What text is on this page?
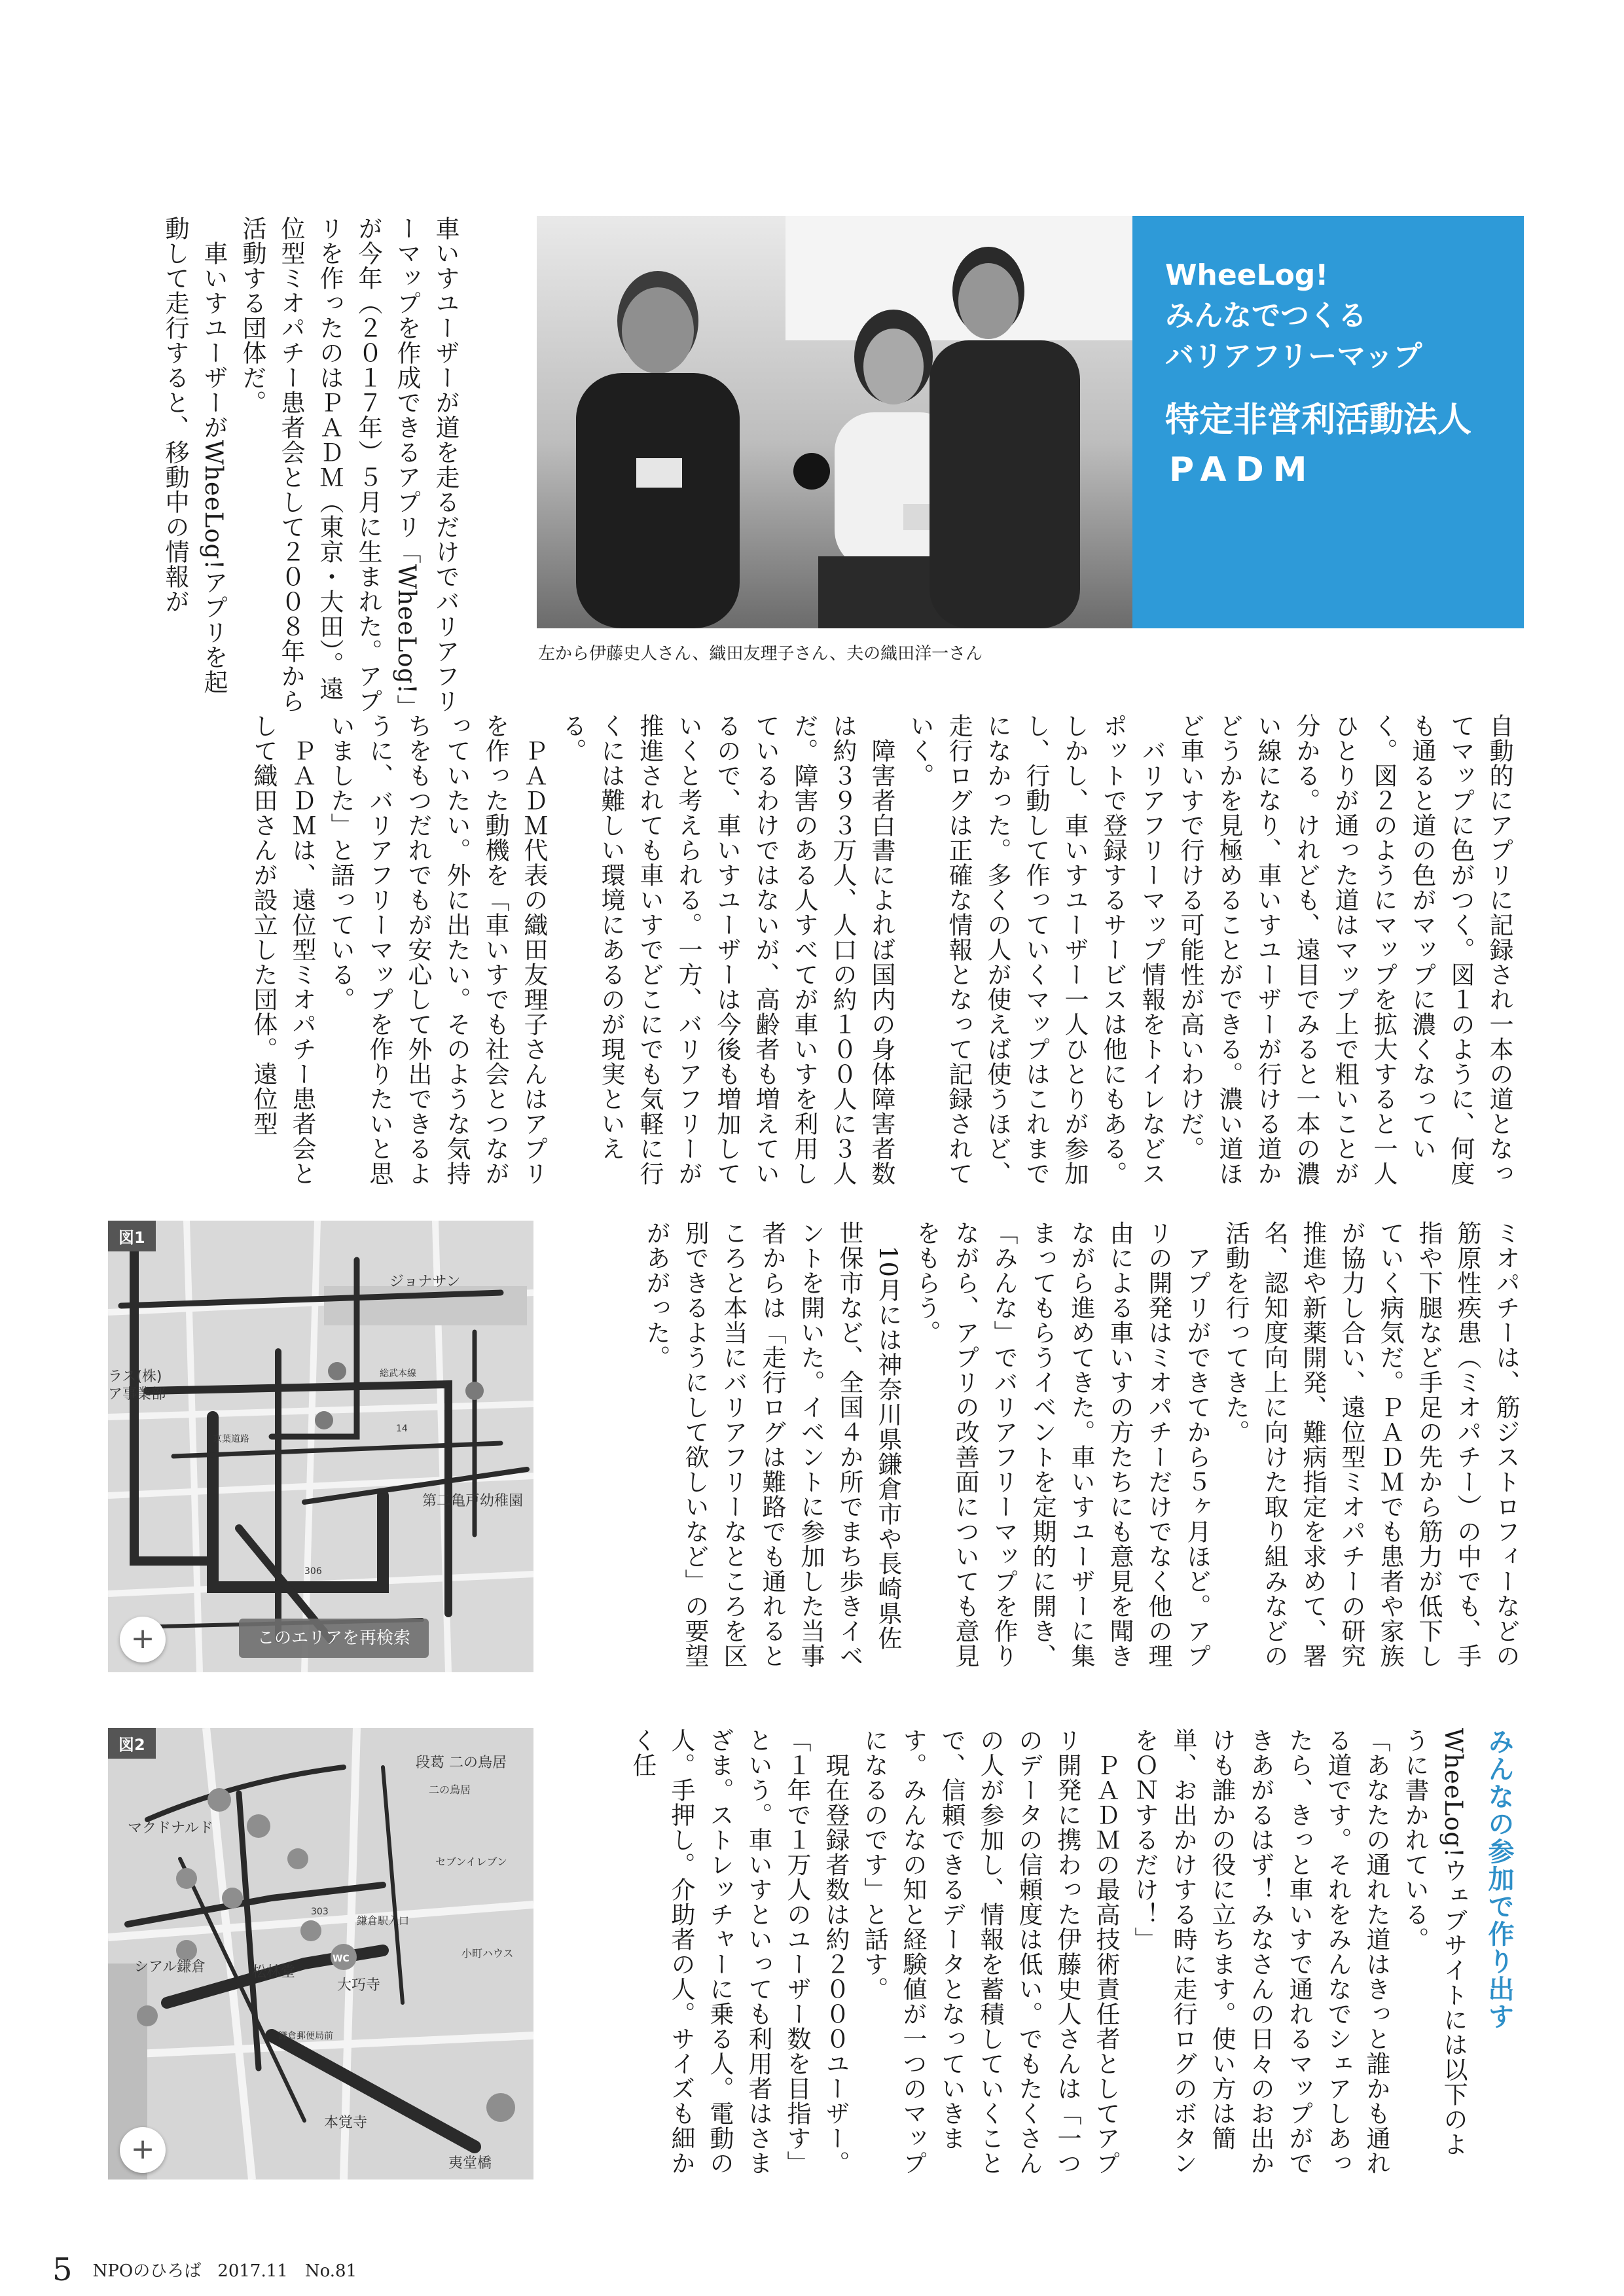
車いすユーザーが道を走るだけでバリアフリーマップを作成できるアプリ「WheeLog!」が今年（２０１７年）５月に生まれた。アプリを作ったのはＰＡＤＭ（東京・大田）。遠位型ミオパチー患者会として２００８年から活動する団体だ。
　車いすユーザーがWheeLog!アプリを起動して走行すると、移動中の情報が
左から伊藤史人さん、織田友理子さん、夫の織田洋一さん
WheeLog!
みんなでつくる
バリアフリーマップ
特定非営利活動法人
PADM
自動的にアプリに記録され一本の道となってマップに色がつく。図１のように、何度も通ると道の色がマップに濃くなっていく。図２のようにマップを拡大すると一人ひとりが通った道はマップ上で粗いことが分かる。けれども、遠目でみると一本の濃い線になり、車いすユーザーが行ける道かどうかを見極めることができる。濃い道ほど車いすで行ける可能性が高いわけだ。
　バリアフリーマップ情報をトイレなどスポットで登録するサービスは他にもある。しかし、車いすユーザー一人ひとりが参加し、行動して作っていくマップはこれまでになかった。多くの人が使えば使うほど、走行ログは正確な情報となって記録されていく。
　障害者白書によれば国内の身体障害者数は約３９３万人、人口の約１００人に３人だ。障害のある人すべてが車いすを利用しているわけではないが、高齢者も増えているので、車いすユーザーは今後も増加していくと考えられる。一方、バリアフリーが推進されても車いすでどこにでも気軽に行くには難しい環境にあるのが現実といえる。
　ＰＡＤＭ代表の織田友理子さんはアプリを作った動機を「車いすでも社会とつながっていたい。外に出たい。そのような気持ちをもつだれでもが安心して外出できるように、バリアフリーマップを作りたいと思いました」と語っている。
　ＰＡＤＭは、遠位型ミオパチー患者会として織田さんが設立した団体。遠位型
ジョナサン
ラス(株)
ア事業部
総武本線
京葉道路
14
第二亀戸幼稚園
306
図1
+	このエリアを再検索	ミオパチーは、筋ジストロフィーなどの筋原性疾患（ミオパチー）の中でも、手指や下腿など手足の先から筋力が低下していく病気だ。ＰＡＤＭでも患者や家族が協力し合い、遠位型ミオパチーの研究推進や新薬開発、難病指定を求めて、署名、認知度向上に向けた取り組みなどの活動を行ってきた。
　アプリができてから５ヶ月ほど。アプリの開発はミオパチーだけでなく他の理由による車いすの方たちにも意見を聞きながら進めてきた。車いすユーザーに集まってもらうイベントを定期的に開き、「みんな」でバリアフリーマップを作りながら、アプリの改善面についても意見をもらう。
　10月には神奈川県鎌倉市や長崎県佐世保市など、全国４か所でまち歩きイベントを開いた。イベントに参加した当事者からは「走行ログは難路でも通れるところと本当にバリアフリーなところを区別できるようにして欲しいなど」の要望があがった。
段葛 二の鳥居
マクドナルド
二の鳥居
セブンイレブン
鎌倉駅入口
303
シアル鎌倉
小町ハウス
松林堂
大巧寺
鎌倉郵便局前
本覚寺
夷堂橋
WC
図2
+
みんなの参加で作り出す
WheeLog!ウェブサイトには以下のように書かれている。
「あなたの通れた道はきっと誰かも通れる道です。それをみんなでシェアしあったら、きっと車いすで通れるマップができあがるはず！みなさんの日々のお出かけも誰かの役に立ちます。使い方は簡単、お出かけする時に走行ログのボタンをＯＮするだけ！」
　ＰＡＤＭの最高技術責任者としてアプリ開発に携わった伊藤史人さんは「一つのデータの信頼度は低い。でもたくさんの人が参加し、情報を蓄積していくことで、信頼できるデータとなっていきます。みんなの知と経験値が一つのマップになるのです」と話す。
　現在登録者数は約２０００ユーザー。「１年で１万人のユーザー数を目指す」という。車いすといっても利用者はさまざま。ストレッチャーに乗る人。電動の人。手押し。介助者の人。サイズも細かく任
5 NPOのひろば 2017.11　No.81
